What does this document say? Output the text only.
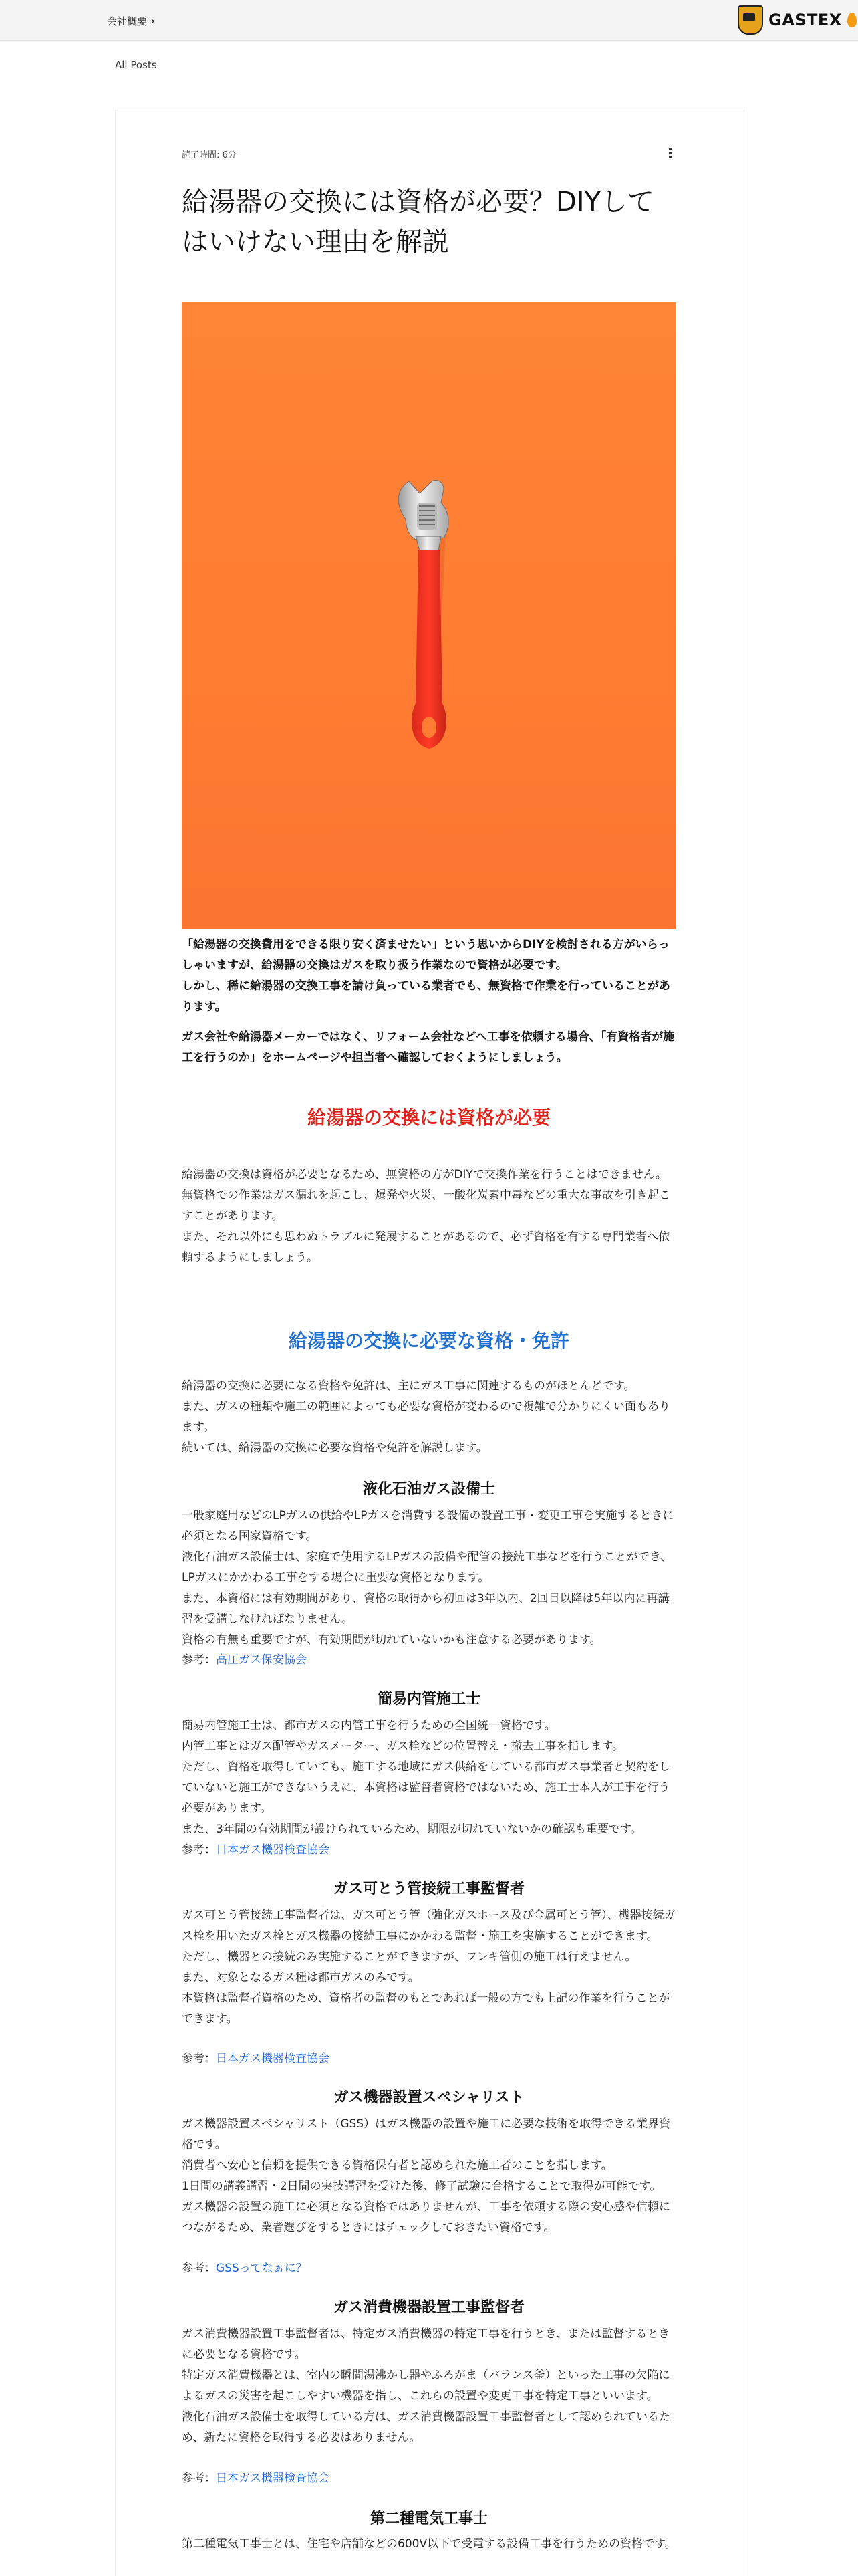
会社概要 ›	GASTEX
All Posts
読了時間: 6分
給湯器の交換には資格が必要？DIYしてはいけない理由を解説

「給湯器の交換費用をできる限り安く済ませたい」という思いからDIYを検討される方がいらっしゃいますが、給湯器の交換はガスを取り扱う作業なので資格が必要です。
しかし、稀に給湯器の交換工事を請け負っている業者でも、無資格で作業を行っていることがあります。

ガス会社や給湯器メーカーではなく、リフォーム会社などへ工事を依頼する場合、「有資格者が施工を行うのか」をホームページや担当者へ確認しておくようにしましょう。

給湯器の交換には資格が必要

給湯器の交換は資格が必要となるため、無資格の方がDIYで交換作業を行うことはできません。
無資格での作業はガス漏れを起こし、爆発や火災、一酸化炭素中毒などの重大な事故を引き起こすことがあります。
また、それ以外にも思わぬトラブルに発展することがあるので、必ず資格を有する専門業者へ依頼するようにしましょう。

給湯器の交換に必要な資格・免許

給湯器の交換に必要になる資格や免許は、主にガス工事に関連するものがほとんどです。
また、ガスの種類や施工の範囲によっても必要な資格が変わるので複雑で分かりにくい面もあります。
続いては、給湯器の交換に必要な資格や免許を解説します。

液化石油ガス設備士

一般家庭用などのLPガスの供給やLPガスを消費する設備の設置工事・変更工事を実施するときに必須となる国家資格です。
液化石油ガス設備士は、家庭で使用するLPガスの設備や配管の接続工事などを行うことができ、LPガスにかかわる工事をする場合に重要な資格となります。
また、本資格には有効期間があり、資格の取得から初回は3年以内、2回目以降は5年以内に再講習を受講しなければなりません。
資格の有無も重要ですが、有効期間が切れていないかも注意する必要があります。

参考：高圧ガス保安協会

簡易内管施工士

簡易内管施工士は、都市ガスの内管工事を行うための全国統一資格です。
内管工事とはガス配管やガスメーター、ガス栓などの位置替え・撤去工事を指します。
ただし、資格を取得していても、施工する地域にガス供給をしている都市ガス事業者と契約をしていないと施工ができないうえに、本資格は監督者資格ではないため、施工士本人が工事を行う必要があります。
また、3年間の有効期間が設けられているため、期限が切れていないかの確認も重要です。

参考：日本ガス機器検査協会

ガス可とう管接続工事監督者

ガス可とう管接続工事監督者は、ガス可とう管（強化ガスホース及び金属可とう管）、機器接続ガス栓を用いたガス栓とガス機器の接続工事にかかわる監督・施工を実施することができます。
ただし、機器との接続のみ実施することができますが、フレキ管側の施工は行えません。
また、対象となるガス種は都市ガスのみです。
本資格は監督者資格のため、資格者の監督のもとであれば一般の方でも上記の作業を行うことができます。

参考：日本ガス機器検査協会

ガス機器設置スペシャリスト

ガス機器設置スペシャリスト（GSS）はガス機器の設置や施工に必要な技術を取得できる業界資格です。
消費者へ安心と信頼を提供できる資格保有者と認められた施工者のことを指します。
1日間の講義講習・2日間の実技講習を受けた後、修了試験に合格することで取得が可能です。
ガス機器の設置の施工に必須となる資格ではありませんが、工事を依頼する際の安心感や信頼につながるため、業者選びをするときにはチェックしておきたい資格です。

参考：GSSってなぁに？

ガス消費機器設置工事監督者

ガス消費機器設置工事監督者は、特定ガス消費機器の特定工事を行うとき、または監督するときに必要となる資格です。
特定ガス消費機器とは、室内の瞬間湯沸かし器やふろがま（バランス釜）といった工事の欠陥によるガスの災害を起こしやすい機器を指し、これらの設置や変更工事を特定工事といいます。
液化石油ガス設備士を取得している方は、ガス消費機器設置工事監督者として認められているため、新たに資格を取得する必要はありません。

参考：日本ガス機器検査協会

第二種電気工事士

第二種電気工事士とは、住宅や店舗などの600V以下で受電する設備工事を行うための資格です。
